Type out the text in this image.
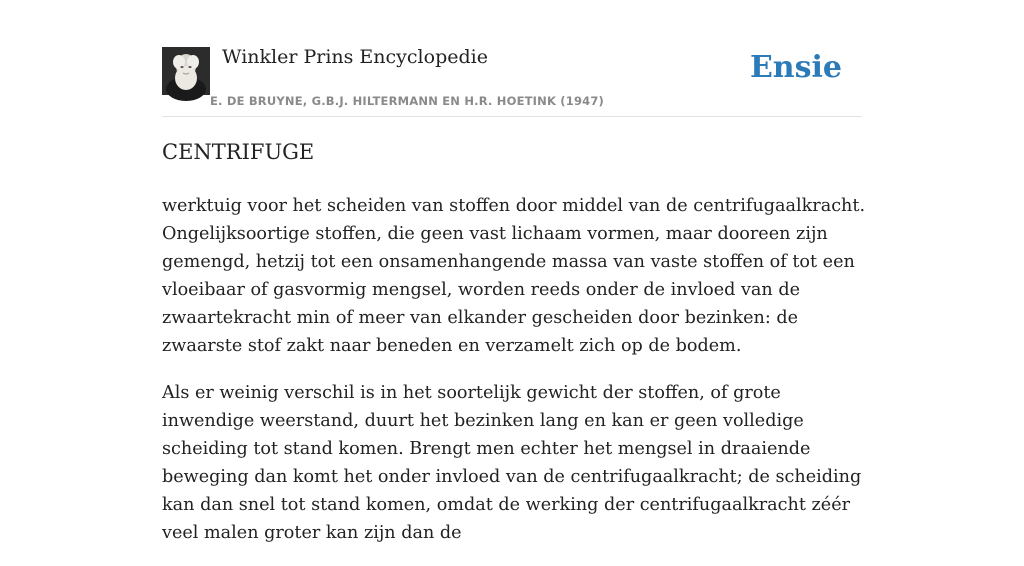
Winkler Prins Encyclopedie
E. DE BRUYNE, G.B.J. HILTERMANN EN H.R. HOETINK (1947)
Ensie
CENTRIFUGE

werktuig voor het scheiden van stoffen door middel van de centrifugaalkracht. Ongelijksoortige stoffen, die geen vast lichaam vormen, maar dooreen zijn gemengd, hetzij tot een onsamenhangende massa van vaste stoffen of tot een vloeibaar of gasvormig mengsel, worden reeds onder de invloed van de zwaartekracht min of meer van elkander gescheiden door bezinken: de zwaarste stof zakt naar beneden en verzamelt zich op de bodem.

Als er weinig verschil is in het soortelijk gewicht der stoffen, of grote inwendige weerstand, duurt het bezinken lang en kan er geen volledige scheiding tot stand komen. Brengt men echter het mengsel in draaiende beweging dan komt het onder invloed van de centrifugaalkracht; de scheiding kan dan snel tot stand komen, omdat de werking der centrifugaalkracht zéér veel malen groter kan zijn dan de
